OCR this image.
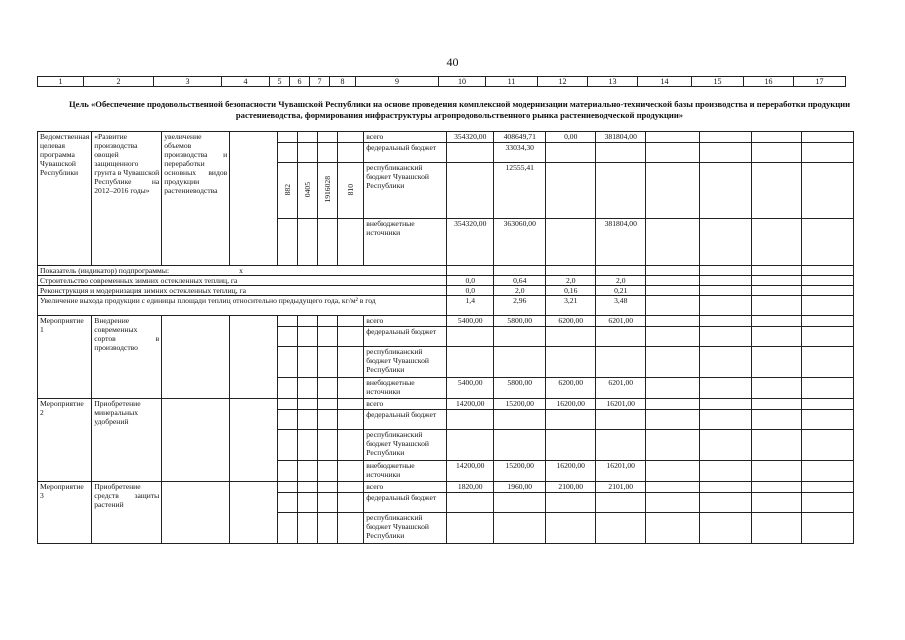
40
1	2	3	4	5	6	7	8	9	10	11	12	13	14	15	16	17
Цель «Обеспечение продовольственной безопасности Чувашской Республики на основе проведения комплексной модернизации материально-технической базы производства и переработки продукции растениеводства, формирования инфраструктуры агропродовольственного рынка растениеводческой продукции»
Ведомственная целевая программа Чувашской Республики	«Развитие производства овощей защищенного грунта в Чувашской Республике на 2012–2016 годы»	увеличение объемов производства и переработки основных видов продукции растениеводства						всего	354320,00	408649,71	0,00	381804,00				
								федеральный бюджет		33034,30						
				882	0405	1916028	810	республиканский бюджет Чувашской Республики		12555,41						
								внебюджетные источники	354320,00	363060,00		381804,00				
Показатель (индикатор) подпрограммы: х																
Строительство современных зимних остекленных теплиц, га									0,0	0,64	2,0	2,0				
Реконструкция и модернизация зимних остекленных теплиц, га									0,0	2,0	0,16	0,21				
Увеличение выхода продукции с единицы площади теплиц относительно предыдущего года, кг/м² в год									1,4	2,96	3,21	3,48				
Мероприятие 1	Внедрение современных сортов в производство							всего	5400,00	5800,00	6200,00	6201,00				
								федеральный бюджет								
								республиканский бюджет Чувашской Республики								
								внебюджетные источники	5400,00	5800,00	6200,00	6201,00				
Мероприятие 2	Приобретение минеральных удобрений							всего	14200,00	15200,00	16200,00	16201,00				
								федеральный бюджет								
								республиканский бюджет Чувашской Республики								
								внебюджетные источники	14200,00	15200,00	16200,00	16201,00				
Мероприятие 3	Приобретение средств защиты растений							всего	1820,00	1960,00	2100,00	2101,00				
								федеральный бюджет								
								республиканский бюджет Чувашской Республики								
